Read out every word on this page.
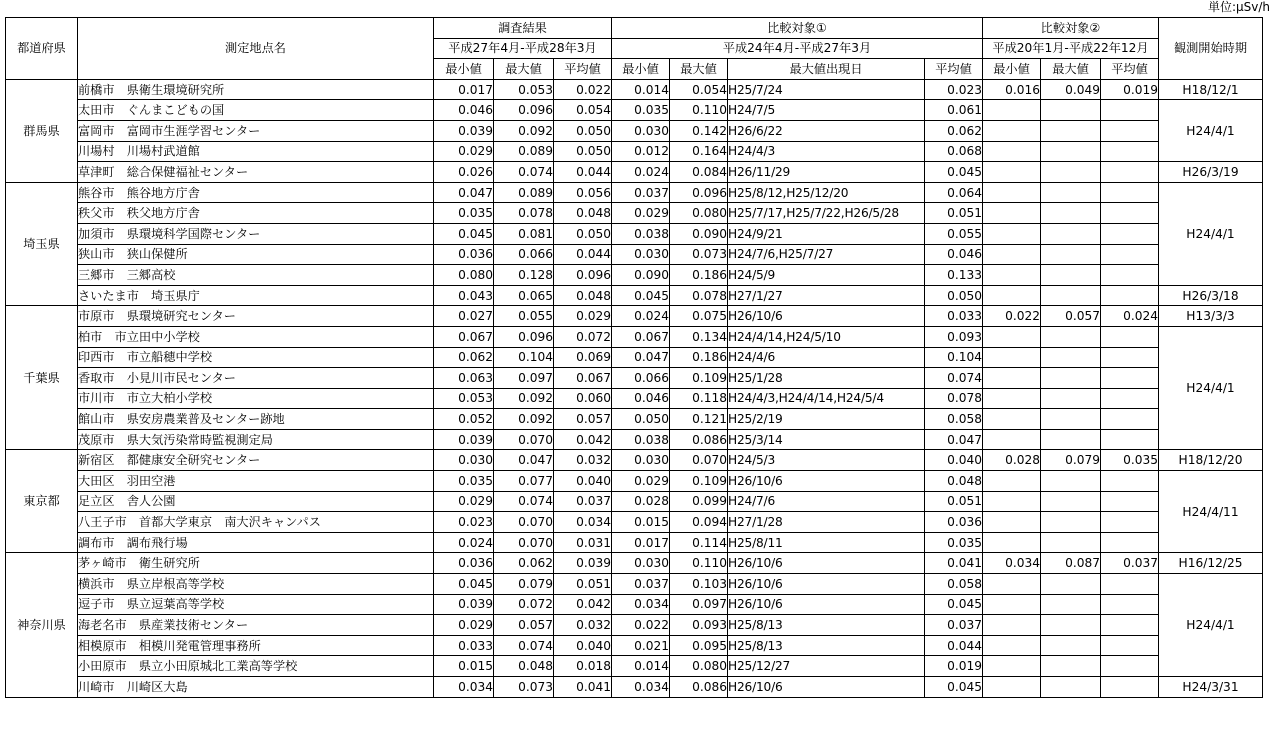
単位:μSv/h
都道府県	測定地点名	調査結果			比較対象①				比較対象②			観測開始時期
		平成27年4月-平成28年3月			平成24年4月-平成27年3月				平成20年1月-平成22年12月			
		最小値	最大値	平均値	最小値	最大値	最大値出現日	平均値	最小値	最大値	平均値	
群馬県	前橋市　県衛生環境研究所	0.017	0.053	0.022	0.014	0.054	H25/7/24	0.023	0.016	0.049	0.019	H18/12/1
	太田市　ぐんまこどもの国	0.046	0.096	0.054	0.035	0.110	H24/7/5	0.061				H24/4/1
	富岡市　富岡市生涯学習センター	0.039	0.092	0.050	0.030	0.142	H26/6/22	0.062				
	川場村　川場村武道館	0.029	0.089	0.050	0.012	0.164	H24/4/3	0.068				
	草津町　総合保健福祉センター	0.026	0.074	0.044	0.024	0.084	H26/11/29	0.045				H26/3/19
埼玉県	熊谷市　熊谷地方庁舎	0.047	0.089	0.056	0.037	0.096	H25/8/12,H25/12/20	0.064				H24/4/1
	秩父市　秩父地方庁舎	0.035	0.078	0.048	0.029	0.080	H25/7/17,H25/7/22,H26/5/28	0.051				
	加須市　県環境科学国際センター	0.045	0.081	0.050	0.038	0.090	H24/9/21	0.055				
	狭山市　狭山保健所	0.036	0.066	0.044	0.030	0.073	H24/7/6,H25/7/27	0.046				
	三郷市　三郷高校	0.080	0.128	0.096	0.090	0.186	H24/5/9	0.133				
	さいたま市　埼玉県庁	0.043	0.065	0.048	0.045	0.078	H27/1/27	0.050				H26/3/18
千葉県	市原市　県環境研究センター	0.027	0.055	0.029	0.024	0.075	H26/10/6	0.033	0.022	0.057	0.024	H13/3/3
	柏市　市立田中小学校	0.067	0.096	0.072	0.067	0.134	H24/4/14,H24/5/10	0.093				H24/4/1
	印西市　市立船穂中学校	0.062	0.104	0.069	0.047	0.186	H24/4/6	0.104				
	香取市　小見川市民センター	0.063	0.097	0.067	0.066	0.109	H25/1/28	0.074				
	市川市　市立大柏小学校	0.053	0.092	0.060	0.046	0.118	H24/4/3,H24/4/14,H24/5/4	0.078				
	館山市　県安房農業普及センター跡地	0.052	0.092	0.057	0.050	0.121	H25/2/19	0.058				
	茂原市　県大気汚染常時監視測定局	0.039	0.070	0.042	0.038	0.086	H25/3/14	0.047				
東京都	新宿区　都健康安全研究センター	0.030	0.047	0.032	0.030	0.070	H24/5/3	0.040	0.028	0.079	0.035	H18/12/20
	大田区　羽田空港	0.035	0.077	0.040	0.029	0.109	H26/10/6	0.048				H24/4/11
	足立区　舎人公園	0.029	0.074	0.037	0.028	0.099	H24/7/6	0.051				
	八王子市　首都大学東京　南大沢キャンパス	0.023	0.070	0.034	0.015	0.094	H27/1/28	0.036				
	調布市　調布飛行場	0.024	0.070	0.031	0.017	0.114	H25/8/11	0.035				
神奈川県	茅ヶ崎市　衛生研究所	0.036	0.062	0.039	0.030	0.110	H26/10/6	0.041	0.034	0.087	0.037	H16/12/25
	横浜市　県立岸根高等学校	0.045	0.079	0.051	0.037	0.103	H26/10/6	0.058				H24/4/1
	逗子市　県立逗葉高等学校	0.039	0.072	0.042	0.034	0.097	H26/10/6	0.045				
	海老名市　県産業技術センター	0.029	0.057	0.032	0.022	0.093	H25/8/13	0.037				
	相模原市　相模川発電管理事務所	0.033	0.074	0.040	0.021	0.095	H25/8/13	0.044				
	小田原市　県立小田原城北工業高等学校	0.015	0.048	0.018	0.014	0.080	H25/12/27	0.019				
	川崎市　川崎区大島	0.034	0.073	0.041	0.034	0.086	H26/10/6	0.045				H24/3/31
